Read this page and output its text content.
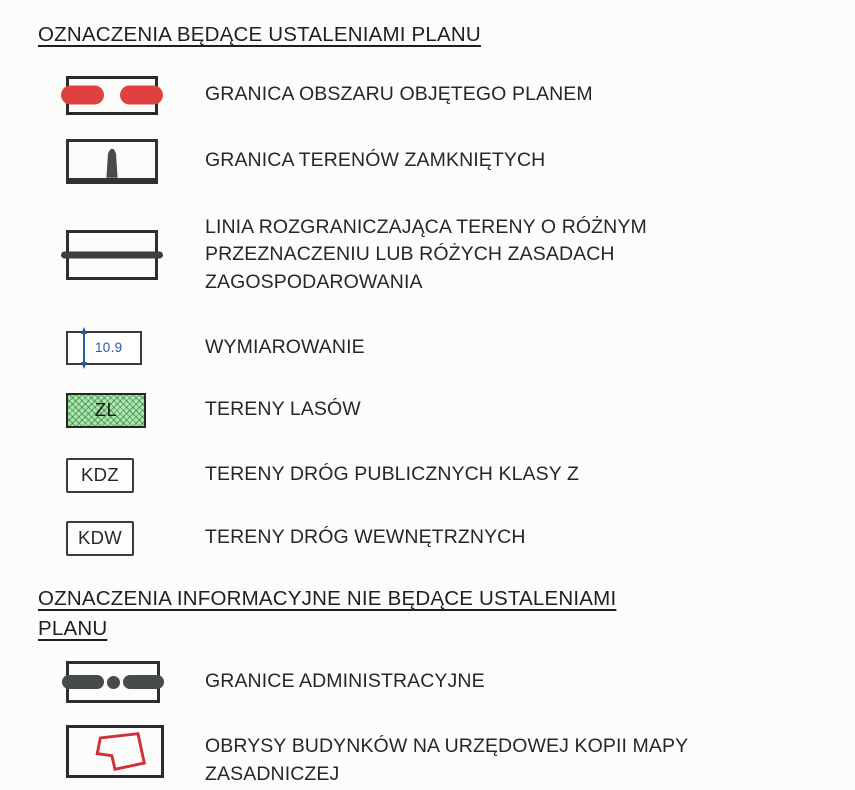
OZNACZENIA BĘDĄCE USTALENIAMI PLANU
GRANICA OBSZARU OBJĘTEGO PLANEM
GRANICA TERENÓW ZAMKNIĘTYCH
LINIA ROZGRANICZAJĄCA TERENY O RÓŻNYM
PRZEZNACZENIU LUB RÓŻYCH ZASADACH
ZAGOSPODAROWANIA
10.9	WYMIAROWANIE
ZL	TERENY LASÓW
KDZ	TERENY DRÓG PUBLICZNYCH KLASY Z
KDW	TERENY DRÓG WEWNĘTRZNYCH
OZNACZENIA INFORMACYJNE NIE BĘDĄCE USTALENIAMI
PLANU
GRANICE ADMINISTRACYJNE
OBRYSY BUDYNKÓW NA URZĘDOWEJ KOPII MAPY
ZASADNICZEJ
